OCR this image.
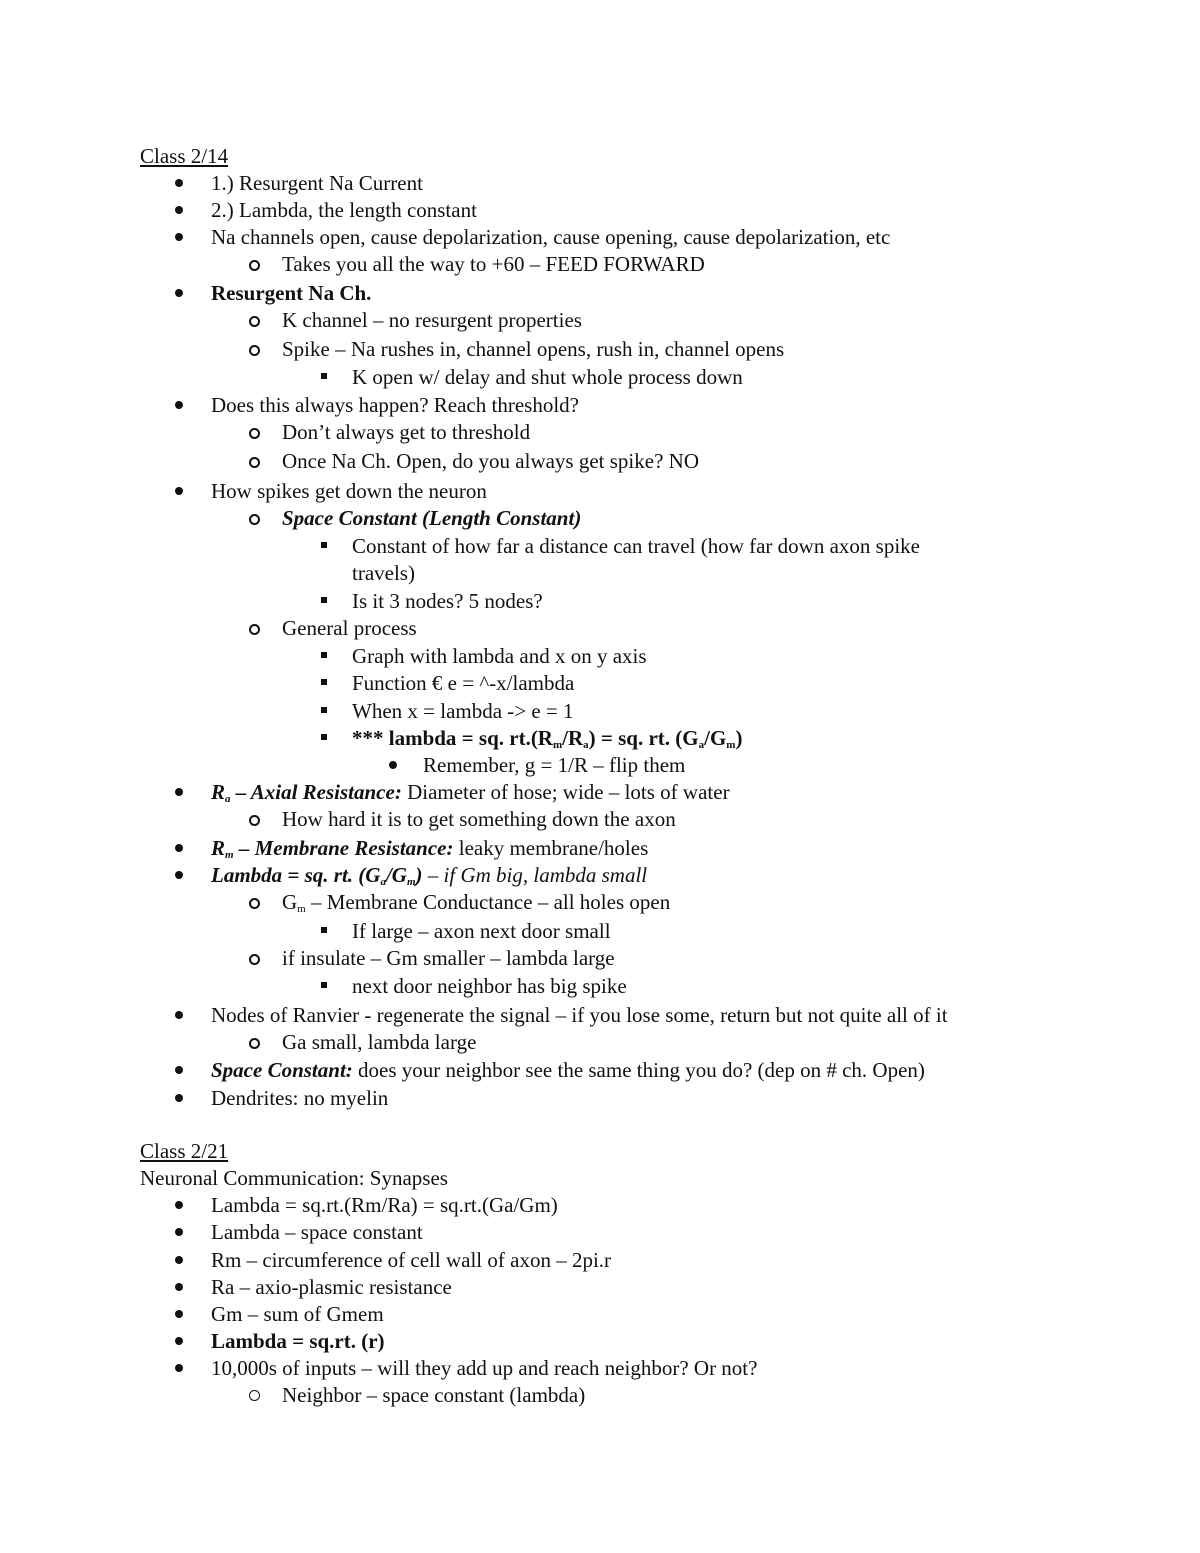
Class 2/14
1.) Resurgent Na Current
2.) Lambda, the length constant
Na channels open, cause depolarization, cause opening, cause depolarization, etc
Takes you all the way to +60 – FEED FORWARD
Resurgent Na Ch.
K channel – no resurgent properties
Spike – Na rushes in, channel opens, rush in, channel opens
K open w/ delay and shut whole process down
Does this always happen? Reach threshold?
Don’t always get to threshold
Once Na Ch. Open, do you always get spike? NO
How spikes get down the neuron
Space Constant (Length Constant)
Constant of how far a distance can travel (how far down axon spike
travels)
Is it 3 nodes? 5 nodes?
General process
Graph with lambda and x on y axis
Function € e = ^-x/lambda
When x = lambda -> e = 1
*** lambda = sq. $rt.(R_m/R_a)$ = sq. rt. $(G_a/G_m)$
Remember, g = 1/R – flip them
$R_a$ – Axial Resistance: Diameter of hose; wide – lots of water
How hard it is to get something down the axon
$R_m$ – Membrane Resistance: leaky membrane/holes
Lambda = sq. rt. $(G_a/G_m)$ – if Gm big, lambda small
$G_m$ – Membrane Conductance – all holes open
If large – axon next door small
if insulate – Gm smaller – lambda large
next door neighbor has big spike
Nodes of Ranvier - regenerate the signal – if you lose some, return but not quite all of it
Ga small, lambda large
Space Constant: does your neighbor see the same thing you do? (dep on # ch. Open)
Dendrites: no myelin
Class 2/21
Neuronal Communication: Synapses
Lambda = sq.rt.(Rm/Ra) = sq.rt.(Ga/Gm)
Lambda – space constant
Rm – circumference of cell wall of axon – 2pi.r
Ra – axio-plasmic resistance
Gm – sum of Gmem
Lambda = sq.rt. (r)
10,000s of inputs – will they add up and reach neighbor? Or not?
Neighbor – space constant (lambda)
